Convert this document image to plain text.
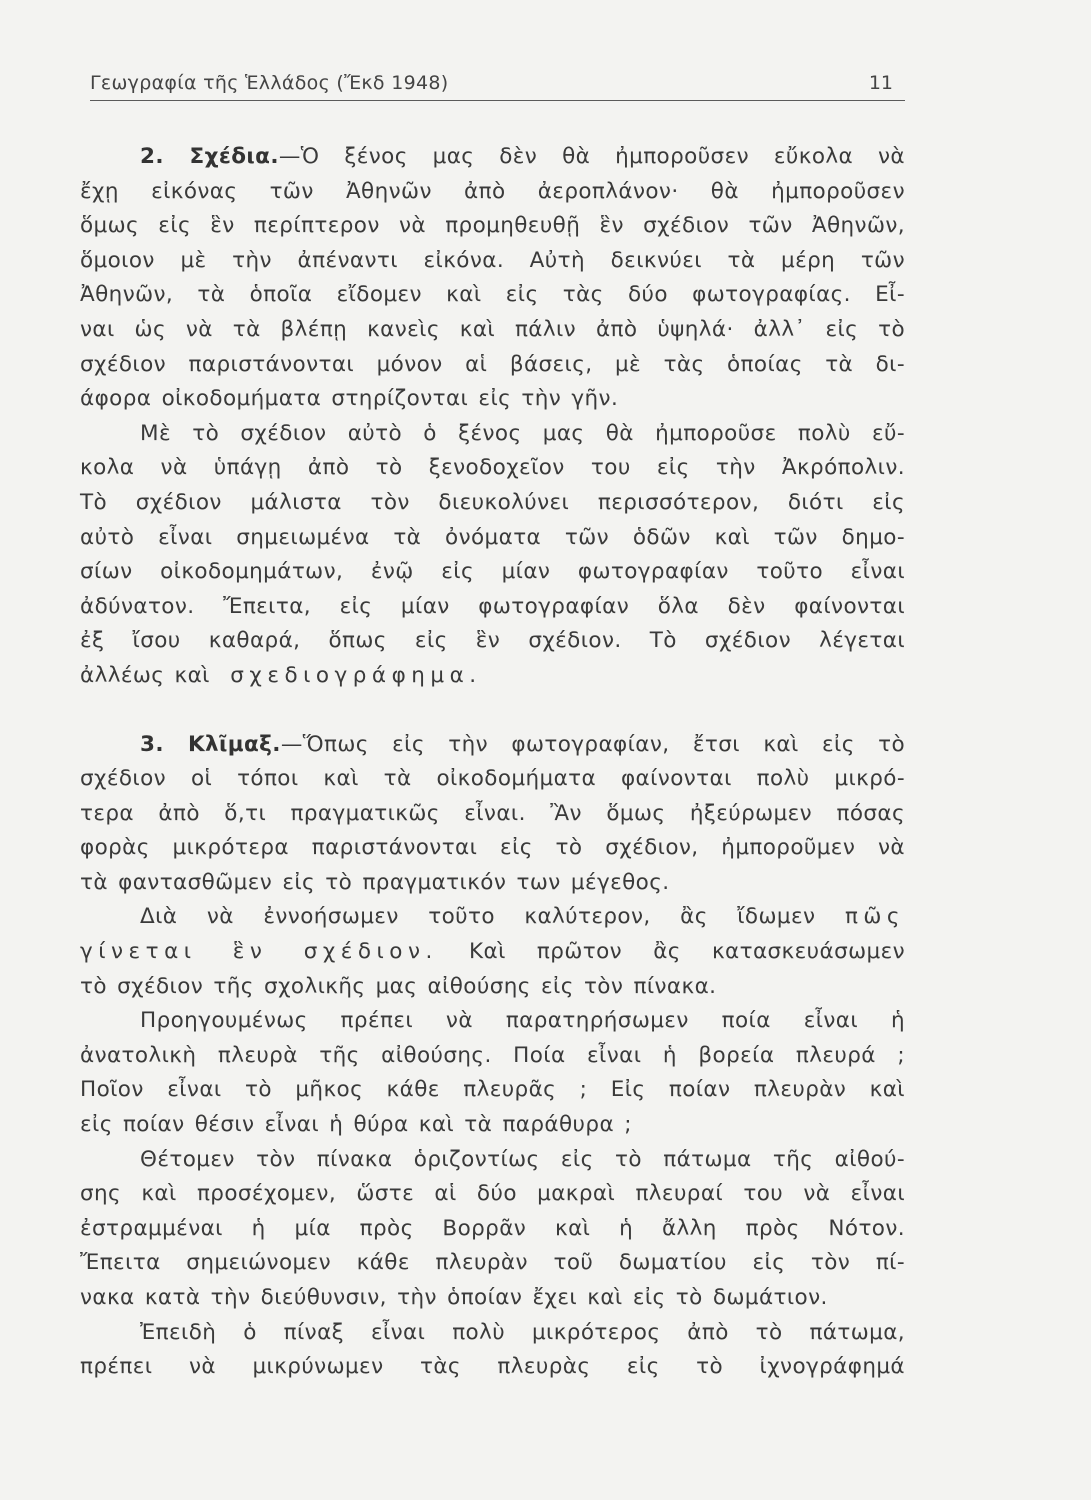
Γεωγραφία τῆς Ἑλλάδος (Ἔκδ 1948)	11
2. Σχέδια.—Ὁ ξένος μας δὲν θὰ ἠμποροῦσεν εὔκολα νὰ
ἔχῃ εἰκόνας τῶν Ἀθηνῶν ἀπὸ ἀεροπλάνον· θὰ ἠμποροῦσεν
ὅμως εἰς ἓν περίπτερον νὰ προμηθευθῇ ἓν σχέδιον τῶν Ἀθηνῶν,
ὅμοιον μὲ τὴν ἀπέναντι εἰκόνα. Αὐτὴ δεικνύει τὰ μέρη τῶν
Ἀθηνῶν, τὰ ὁποῖα εἴδομεν καὶ εἰς τὰς δύο φωτογραφίας. Εἶ-
ναι ὡς νὰ τὰ βλέπῃ κανεὶς καὶ πάλιν ἀπὸ ὑψηλά· ἀλλ᾽ εἰς τὸ
σχέδιον παριστάνονται μόνον αἱ βάσεις, μὲ τὰς ὁποίας τὰ δι-
άφορα οἰκοδομήματα στηρίζονται εἰς τὴν γῆν.
Μὲ τὸ σχέδιον αὐτὸ ὁ ξένος μας θὰ ἠμποροῦσε πολὺ εὔ-
κολα νὰ ὑπάγῃ ἀπὸ τὸ ξενοδοχεῖον του εἰς τὴν Ἀκρόπολιν.
Τὸ σχέδιον μάλιστα τὸν διευκολύνει περισσότερον, διότι εἰς
αὐτὸ εἶναι σημειωμένα τὰ ὀνόματα τῶν ὁδῶν καὶ τῶν δημο-
σίων οἰκοδομημάτων, ἐνῷ εἰς μίαν φωτογραφίαν τοῦτο εἶναι
ἀδύνατον. Ἔπειτα, εἰς μίαν φωτογραφίαν ὅλα δὲν φαίνονται
ἐξ ἴσου καθαρά, ὅπως εἰς ἓν σχέδιον. Τὸ σχέδιον λέγεται
ἀλλέως καὶ σχεδιογράφημα.
3. Κλῖμαξ.—Ὅπως εἰς τὴν φωτογραφίαν, ἔτσι καὶ εἰς τὸ
σχέδιον οἱ τόποι καὶ τὰ οἰκοδομήματα φαίνονται πολὺ μικρό-
τερα ἀπὸ ὅ,τι πραγματικῶς εἶναι. Ἂν ὅμως ἠξεύρωμεν πόσας
φορὰς μικρότερα παριστάνονται εἰς τὸ σχέδιον, ἠμποροῦμεν νὰ
τὰ φαντασθῶμεν εἰς τὸ πραγματικόν των μέγεθος.
Διὰ νὰ ἐννοήσωμεν τοῦτο καλύτερον, ἂς ἴδωμεν πῶς
γίνεται ἓν σχέδιον. Καὶ πρῶτον ἂς κατασκευάσωμεν
τὸ σχέδιον τῆς σχολικῆς μας αἰθούσης εἰς τὸν πίνακα.
Προηγουμένως πρέπει νὰ παρατηρήσωμεν ποία εἶναι ἡ
ἀνατολικὴ πλευρὰ τῆς αἰθούσης. Ποία εἶναι ἡ βορεία πλευρά ;
Ποῖον εἶναι τὸ μῆκος κάθε πλευρᾶς ; Εἰς ποίαν πλευρὰν καὶ
εἰς ποίαν θέσιν εἶναι ἡ θύρα καὶ τὰ παράθυρα ;
Θέτομεν τὸν πίνακα ὁριζοντίως εἰς τὸ πάτωμα τῆς αἰθού-
σης καὶ προσέχομεν, ὥστε αἱ δύο μακραὶ πλευραί του νὰ εἶναι
ἐστραμμέναι ἡ μία πρὸς Βορρᾶν καὶ ἡ ἄλλη πρὸς Νότον.
Ἔπειτα σημειώνομεν κάθε πλευρὰν τοῦ δωματίου εἰς τὸν πί-
νακα κατὰ τὴν διεύθυνσιν, τὴν ὁποίαν ἔχει καὶ εἰς τὸ δωμάτιον.
Ἐπειδὴ ὁ πίναξ εἶναι πολὺ μικρότερος ἀπὸ τὸ πάτωμα,
πρέπει νὰ μικρύνωμεν τὰς πλευρὰς εἰς τὸ ἰχνογράφημά
